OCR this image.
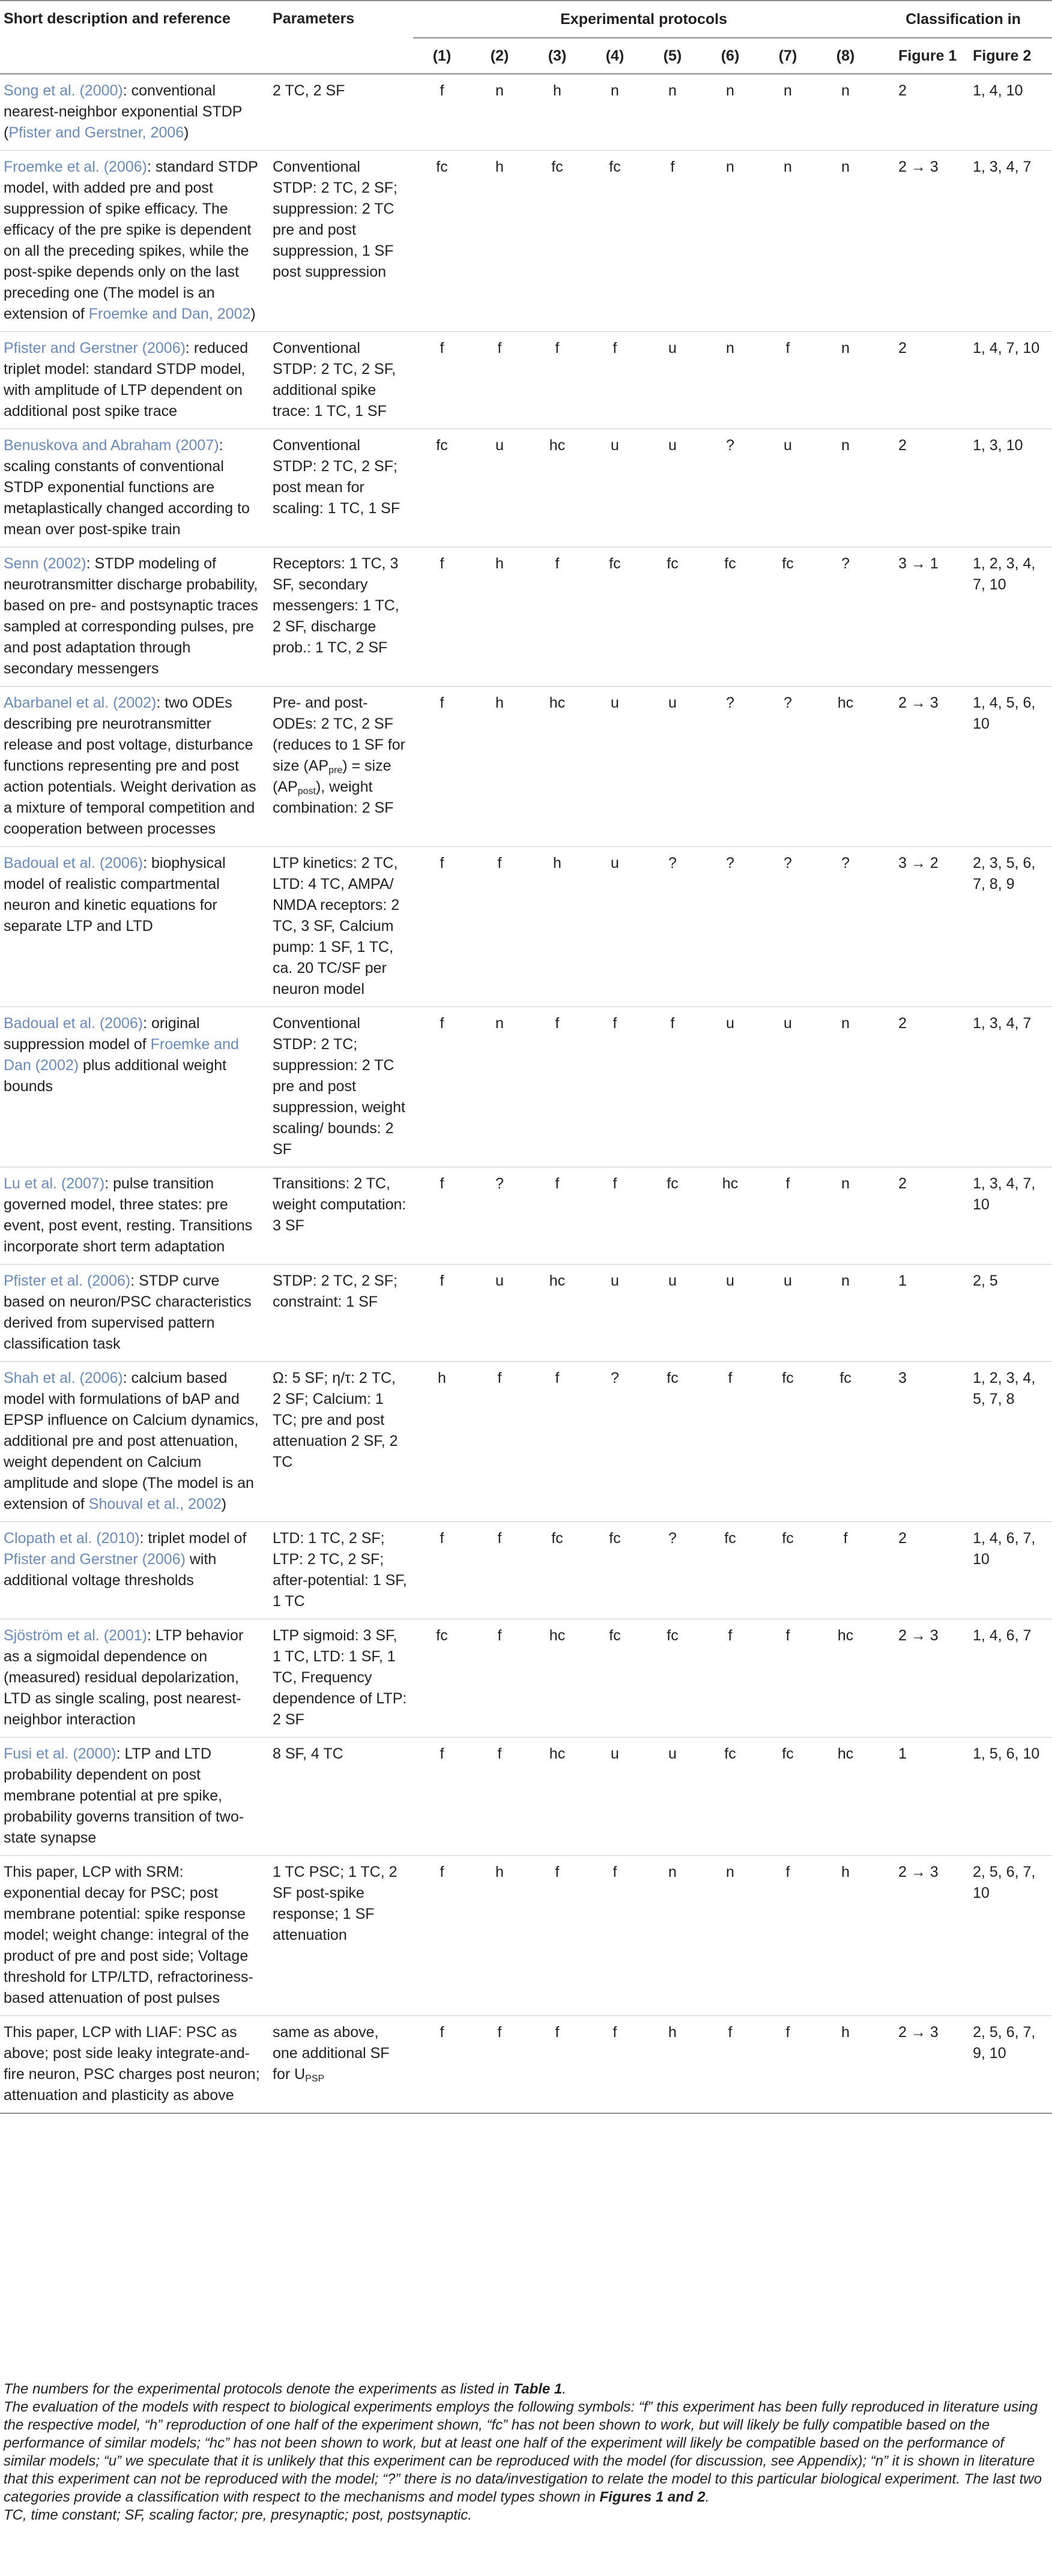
Short description and reference	Parameters	Experimental protocols								Classification in	
		(1)	(2)	(3)	(4)	(5)	(6)	(7)	(8)	Figure 1	Figure 2
Song et al. (2000): conventional nearest-neighbor exponential STDP (Pfister and Gerstner, 2006)	2 TC, 2 SF	f	n	h	n	n	n	n	n	2	1, 4, 10
Froemke et al. (2006): standard STDP model, with added pre and post suppression of spike efficacy. The efficacy of the pre spike is dependent on all the preceding spikes, while the post-spike depends only on the last preceding one (The model is an extension of Froemke and Dan, 2002)	Conventional STDP: 2 TC, 2 SF; suppression: 2 TC pre and post suppression, 1 SF post suppression	fc	h	fc	fc	f	n	n	n	2 → 3	1, 3, 4, 7
Pfister and Gerstner (2006): reduced triplet model: standard STDP model, with amplitude of LTP dependent on additional post spike trace	Conventional STDP: 2 TC, 2 SF, additional spike trace: 1 TC, 1 SF	f	f	f	f	u	n	f	n	2	1, 4, 7, 10
Benuskova and Abraham (2007): scaling constants of conventional STDP exponential functions are metaplastically changed according to mean over post-spike train	Conventional STDP: 2 TC, 2 SF; post mean for scaling: 1 TC, 1 SF	fc	u	hc	u	u	?	u	n	2	1, 3, 10
Senn (2002): STDP modeling of neurotransmitter discharge probability, based on pre- and postsynaptic traces sampled at corresponding pulses, pre and post adaptation through secondary messengers	Receptors: 1 TC, 3 SF, secondary messengers: 1 TC, 2 SF, discharge prob.: 1 TC, 2 SF	f	h	f	fc	fc	fc	fc	?	3 → 1	1, 2, 3, 4, 7, 10
Abarbanel et al. (2002): two ODEs describing pre neurotransmitter release and post voltage, disturbance functions representing pre and post action potentials. Weight derivation as a mixture of temporal competition and cooperation between processes	Pre- and post-ODEs: 2 TC, 2 SF (reduces to 1 SF for size $(AP_{pre})$ = size $(AP_{post})$, weight combination: 2 SF	f	h	hc	u	u	?	?	hc	2 → 3	1, 4, 5, 6, 10
Badoual et al. (2006): biophysical model of realistic compartmental neuron and kinetic equations for separate LTP and LTD	LTP kinetics: 2 TC, LTD: 4 TC, AMPA/ NMDA receptors: 2 TC, 3 SF, Calcium pump: 1 SF, 1 TC, ca. 20 TC/SF per neuron model	f	f	h	u	?	?	?	?	3 → 2	2, 3, 5, 6, 7, 8, 9
Badoual et al. (2006): original suppression model of Froemke and Dan (2002) plus additional weight bounds	Conventional STDP: 2 TC; suppression: 2 TC pre and post suppression, weight scaling/ bounds: 2 SF	f	n	f	f	f	u	u	n	2	1, 3, 4, 7
Lu et al. (2007): pulse transition governed model, three states: pre event, post event, resting. Transitions incorporate short term adaptation	Transitions: 2 TC, weight computation: 3 SF	f	?	f	f	fc	hc	f	n	2	1, 3, 4, 7, 10
Pfister et al. (2006): STDP curve based on neuron/PSC characteristics derived from supervised pattern classification task	STDP: 2 TC, 2 SF; constraint: 1 SF	f	u	hc	u	u	u	u	n	1	2, 5
Shah et al. (2006): calcium based model with formulations of bAP and EPSP influence on Calcium dynamics, additional pre and post attenuation, weight dependent on Calcium amplitude and slope (The model is an extension of Shouval et al., 2002)	Ω: 5 SF; η/τ: 2 TC, 2 SF; Calcium: 1 TC; pre and post attenuation 2 SF, 2 TC	h	f	f	?	fc	f	fc	fc	3	1, 2, 3, 4, 5, 7, 8
Clopath et al. (2010): triplet model of Pfister and Gerstner (2006) with additional voltage thresholds	LTD: 1 TC, 2 SF; LTP: 2 TC, 2 SF; after-potential: 1 SF, 1 TC	f	f	fc	fc	?	fc	fc	f	2	1, 4, 6, 7, 10
Sjöström et al. (2001): LTP behavior as a sigmoidal dependence on (measured) residual depolarization, LTD as single scaling, post nearest-neighbor interaction	LTP sigmoid: 3 SF, 1 TC, LTD: 1 SF, 1 TC, Frequency dependence of LTP: 2 SF	fc	f	hc	fc	fc	f	f	hc	2 → 3	1, 4, 6, 7
Fusi et al. (2000): LTP and LTD probability dependent on post membrane potential at pre spike, probability governs transition of two-state synapse	8 SF, 4 TC	f	f	hc	u	u	fc	fc	hc	1	1, 5, 6, 10
This paper, LCP with SRM: exponential decay for PSC; post membrane potential: spike response model; weight change: integral of the product of pre and post side; Voltage threshold for LTP/LTD, refractoriness-based attenuation of post pulses	1 TC PSC; 1 TC, 2 SF post-spike response; 1 SF attenuation	f	h	f	f	n	n	f	h	2 → 3	2, 5, 6, 7, 10
This paper, LCP with LIAF: PSC as above; post side leaky integrate-and-fire neuron, PSC charges post neuron; attenuation and plasticity as above	same as above, one additional SF for $U_{PSP}$	f	f	f	f	h	f	f	h	2 → 3	2, 5, 6, 7, 9, 10

The numbers for the experimental protocols denote the experiments as listed in Table 1.

The evaluation of the models with respect to biological experiments employs the following symbols: “f” this experiment has been fully reproduced in literature using the respective model, “h” reproduction of one half of the experiment shown, “fc” has not been shown to work, but will likely be fully compatible based on the performance of similar models; “hc” has not been shown to work, but at least one half of the experiment will likely be compatible based on the performance of similar models; “u” we speculate that it is unlikely that this experiment can be reproduced with the model (for discussion, see Appendix); “n” it is shown in literature that this experiment can not be reproduced with the model; “?” there is no data/investigation to relate the model to this particular biological experiment. The last two categories provide a classification with respect to the mechanisms and model types shown in Figures 1 and 2.

TC, time constant; SF, scaling factor; pre, presynaptic; post, postsynaptic.
